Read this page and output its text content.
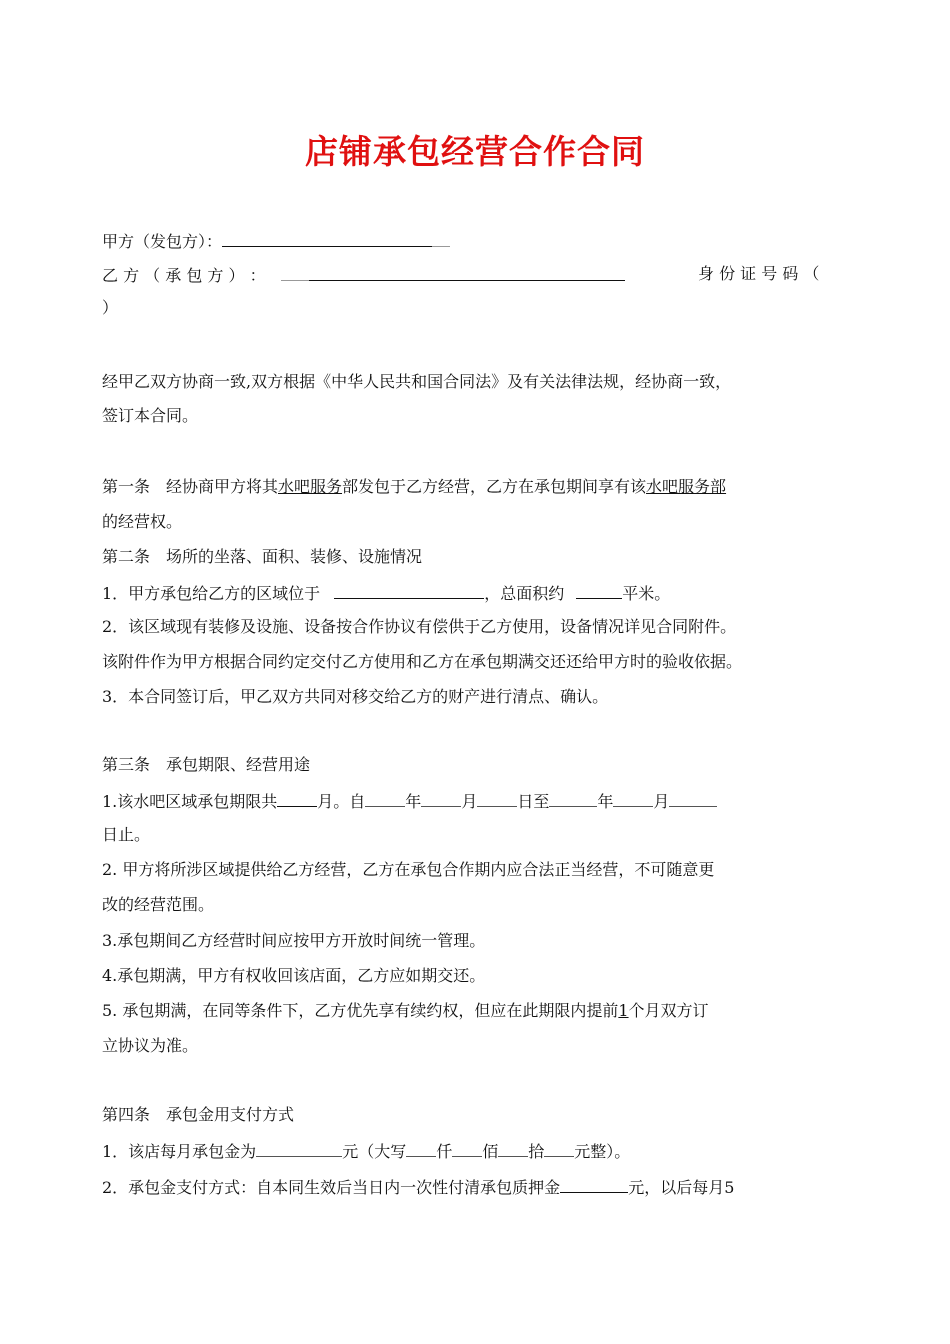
店铺承包经营合作合同
甲方（发包方）：
乙 方 （ 承 包 方 ） ：	身 份 证 号 码 （
）
经甲乙双方协商一致,双方根据《中华人民共和国合同法》及有关法律法规，经协商一致，
签订本合同。
第一条　经协商甲方将其水吧服务部发包于乙方经营，乙方在承包期间享有该水吧服务部
的经营权。
第二条　场所的坐落、面积、装修、设施情况
1．甲方承包给乙方的区域位于	，总面积约	平米。
2．该区域现有装修及设施、设备按合作协议有偿供于乙方使用，设备情况详见合同附件。
该附件作为甲方根据合同约定交付乙方使用和乙方在承包期满交还还给甲方时的验收依据。
3．本合同签订后，甲乙双方共同对移交给乙方的财产进行清点、确认。
第三条　承包期限、经营用途
1.该水吧区域承包期限共	月。自	年	月	日至	年	月
日止。
2. 甲方将所涉区域提供给乙方经营，乙方在承包合作期内应合法正当经营，不可随意更
改的经营范围。
3.承包期间乙方经营时间应按甲方开放时间统一管理。
4.承包期满，甲方有权收回该店面，乙方应如期交还。
5. 承包期满，在同等条件下，乙方优先享有续约权，但应在此期限内提前1个月双方订
立协议为准。
第四条　承包金用支付方式
1．该店每月承包金为	元（大写 仟 佰 拾 元整）。
2．承包金支付方式：自本同生效后当日内一次性付清承包质押金	元，以后每月5
